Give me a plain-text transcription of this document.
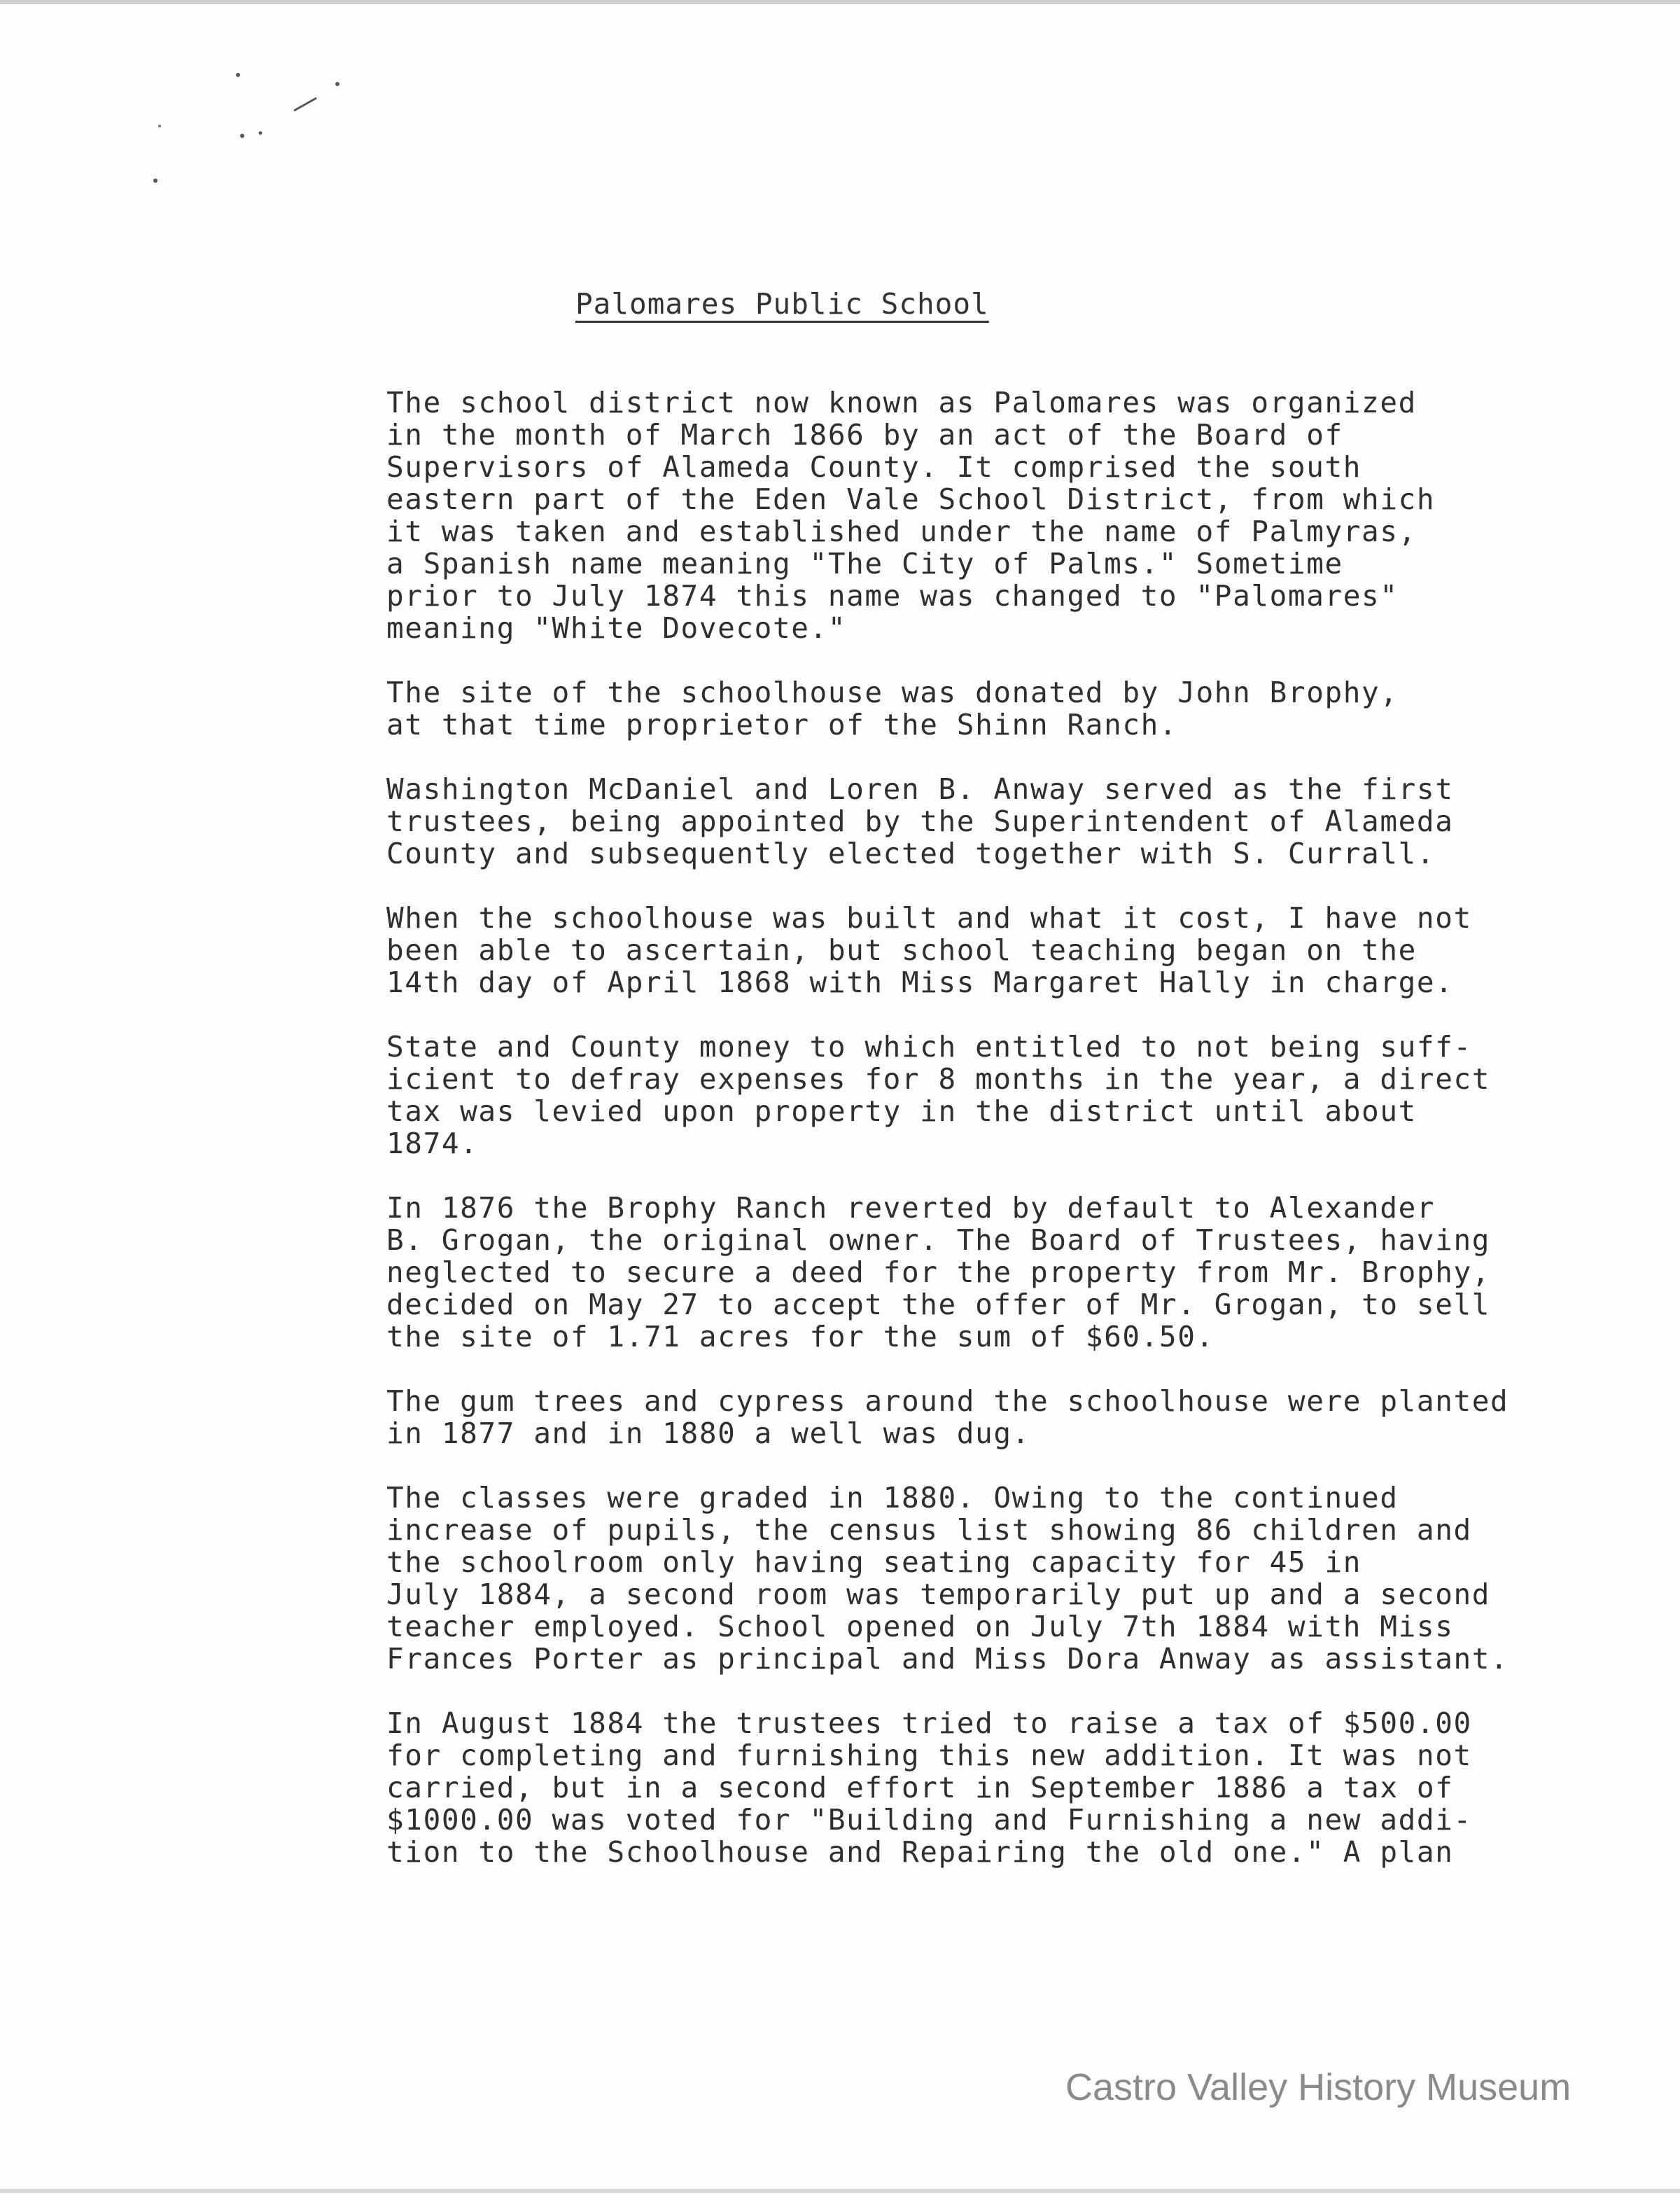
Palomares Public School
The school district now known as Palomares was organized
in the month of March 1866 by an act of the Board of
Supervisors of Alameda County. It comprised the south
eastern part of the Eden Vale School District, from which
it was taken and established under the name of Palmyras,
a Spanish name meaning "The City of Palms." Sometime
prior to July 1874 this name was changed to "Palomares"
meaning "White Dovecote."
The site of the schoolhouse was donated by John Brophy,
at that time proprietor of the Shinn Ranch.
Washington McDaniel and Loren B. Anway served as the first
trustees, being appointed by the Superintendent of Alameda
County and subsequently elected together with S. Currall.
When the schoolhouse was built and what it cost, I have not
been able to ascertain, but school teaching began on the
14th day of April 1868 with Miss Margaret Hally in charge.
State and County money to which entitled to not being suff-
icient to defray expenses for 8 months in the year, a direct
tax was levied upon property in the district until about
1874.
In 1876 the Brophy Ranch reverted by default to Alexander
B. Grogan, the original owner. The Board of Trustees, having
neglected to secure a deed for the property from Mr. Brophy,
decided on May 27 to accept the offer of Mr. Grogan, to sell
the site of 1.71 acres for the sum of $60.50.
The gum trees and cypress around the schoolhouse were planted
in 1877 and in 1880 a well was dug.
The classes were graded in 1880. Owing to the continued
increase of pupils, the census list showing 86 children and
the schoolroom only having seating capacity for 45 in
July 1884, a second room was temporarily put up and a second
teacher employed. School opened on July 7th 1884 with Miss
Frances Porter as principal and Miss Dora Anway as assistant.
In August 1884 the trustees tried to raise a tax of $500.00
for completing and furnishing this new addition. It was not
carried, but in a second effort in September 1886 a tax of
$1000.00 was voted for "Building and Furnishing a new addi-
tion to the Schoolhouse and Repairing the old one." A plan
Castro Valley History Museum
